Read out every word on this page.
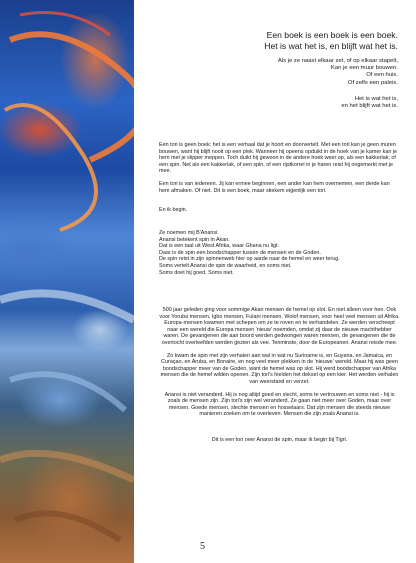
Een boek is een boek is een boek.
Het is wat het is, en blijft wat het is.
Als je ze naast elkaar zet, of op elkaar stapelt,
Kan je een muur bouwen.
Of een huis.
Of zelfs een paleis.
Het is wat het is,
en het blijft wat het is.

Een tori is geen boek: het is een verhaal dat je hoort en doorvertelt. Met een tori kan je geen muren bouwen, want hij blijft nooit op een plek. Wanneer hij opeens opduikt in de hoek van je kamer kan je hem met je slipper meppen. Toch duikt hij gewoon in de andere hoek weer op, als een kakkerlak; of een spin. Net als een kakkerlak, of een spin, of een rijstkorrel in je haren reist hij ongemerkt met je mee.

Een tori is van iedereen. Jij kan ermee beginnen, een ander kan hem overnemen, een derde kan hem afmaken. Of niet. Dit is een boek, maar stiekem eigenlijk een tori.

En ik begin.

Ze noemen mij B'Anansi.
Anansi betekent spin in Akan.
Dat is een taal uit West Afrika, waar Ghana nu ligt.
Daar is de spin een boodschapper tussen de mensen en de Goden.
De spin reist in zijn spinnenweb hier op aarde naar de hemel en weer terug.
Soms vertelt Anansi de spin de waarheid, en soms niet.
Soms doet hij goed. Soms niet.

500 jaar geleden ging voor sommige Akan mensen de hemel op slot. En niet alleen voor hen. Ook voor Yoruba mensen, Igbo mensen, Fulani mensen, Wolof mensen, voor heel veel mensen uit Afrika. Europa-mensen kwamen met schepen om ze te roven en te verhandelen. Ze werden verscheept naar een wereld die Europa mensen 'nieuw' noemden, omdat zij daar de nieuwe machthebber waren. De gevangenen die aan boord werden gedwongen waren mensen, de gevangenen die de overtocht overleefden werden gezien als vee. Tenminste, door de Europeanen. Anansi reisde mee.

Zo kwam de spin met zijn verhalen aan wal in wat nu Suriname is, en Guyana, en Jamaica, en Curaçao, en Aruba, en Bonaire, en nog veel meer plekken in de 'nieuwe' wereld. Maar hij was geen boodschapper meer van de Goden, want de hemel was op slot. Hij werd boodschapper van Afrika mensen die de hemel wilden openen. Zijn tori's hielden het deksel op een kier. Het werden verhalen van weerstand en verzet.

Anansi is niet veranderd. Hij is nog altijd goed en slecht, soms te vertrouwen en soms niet - hij is zoals de mensen zijn. Zijn tori's zijn wel veranderd. Ze gaan niet meer over Goden, maar over mensen. Goede mensen, slechte mensen en hosselaars. Dat zijn mensen die steeds nieuwe manieren zoeken om te overleven. Mensen die zijn zoals Anansi is.

Dit is een tori over Anansi de spin, maar ik begin bij Tigri.

5
